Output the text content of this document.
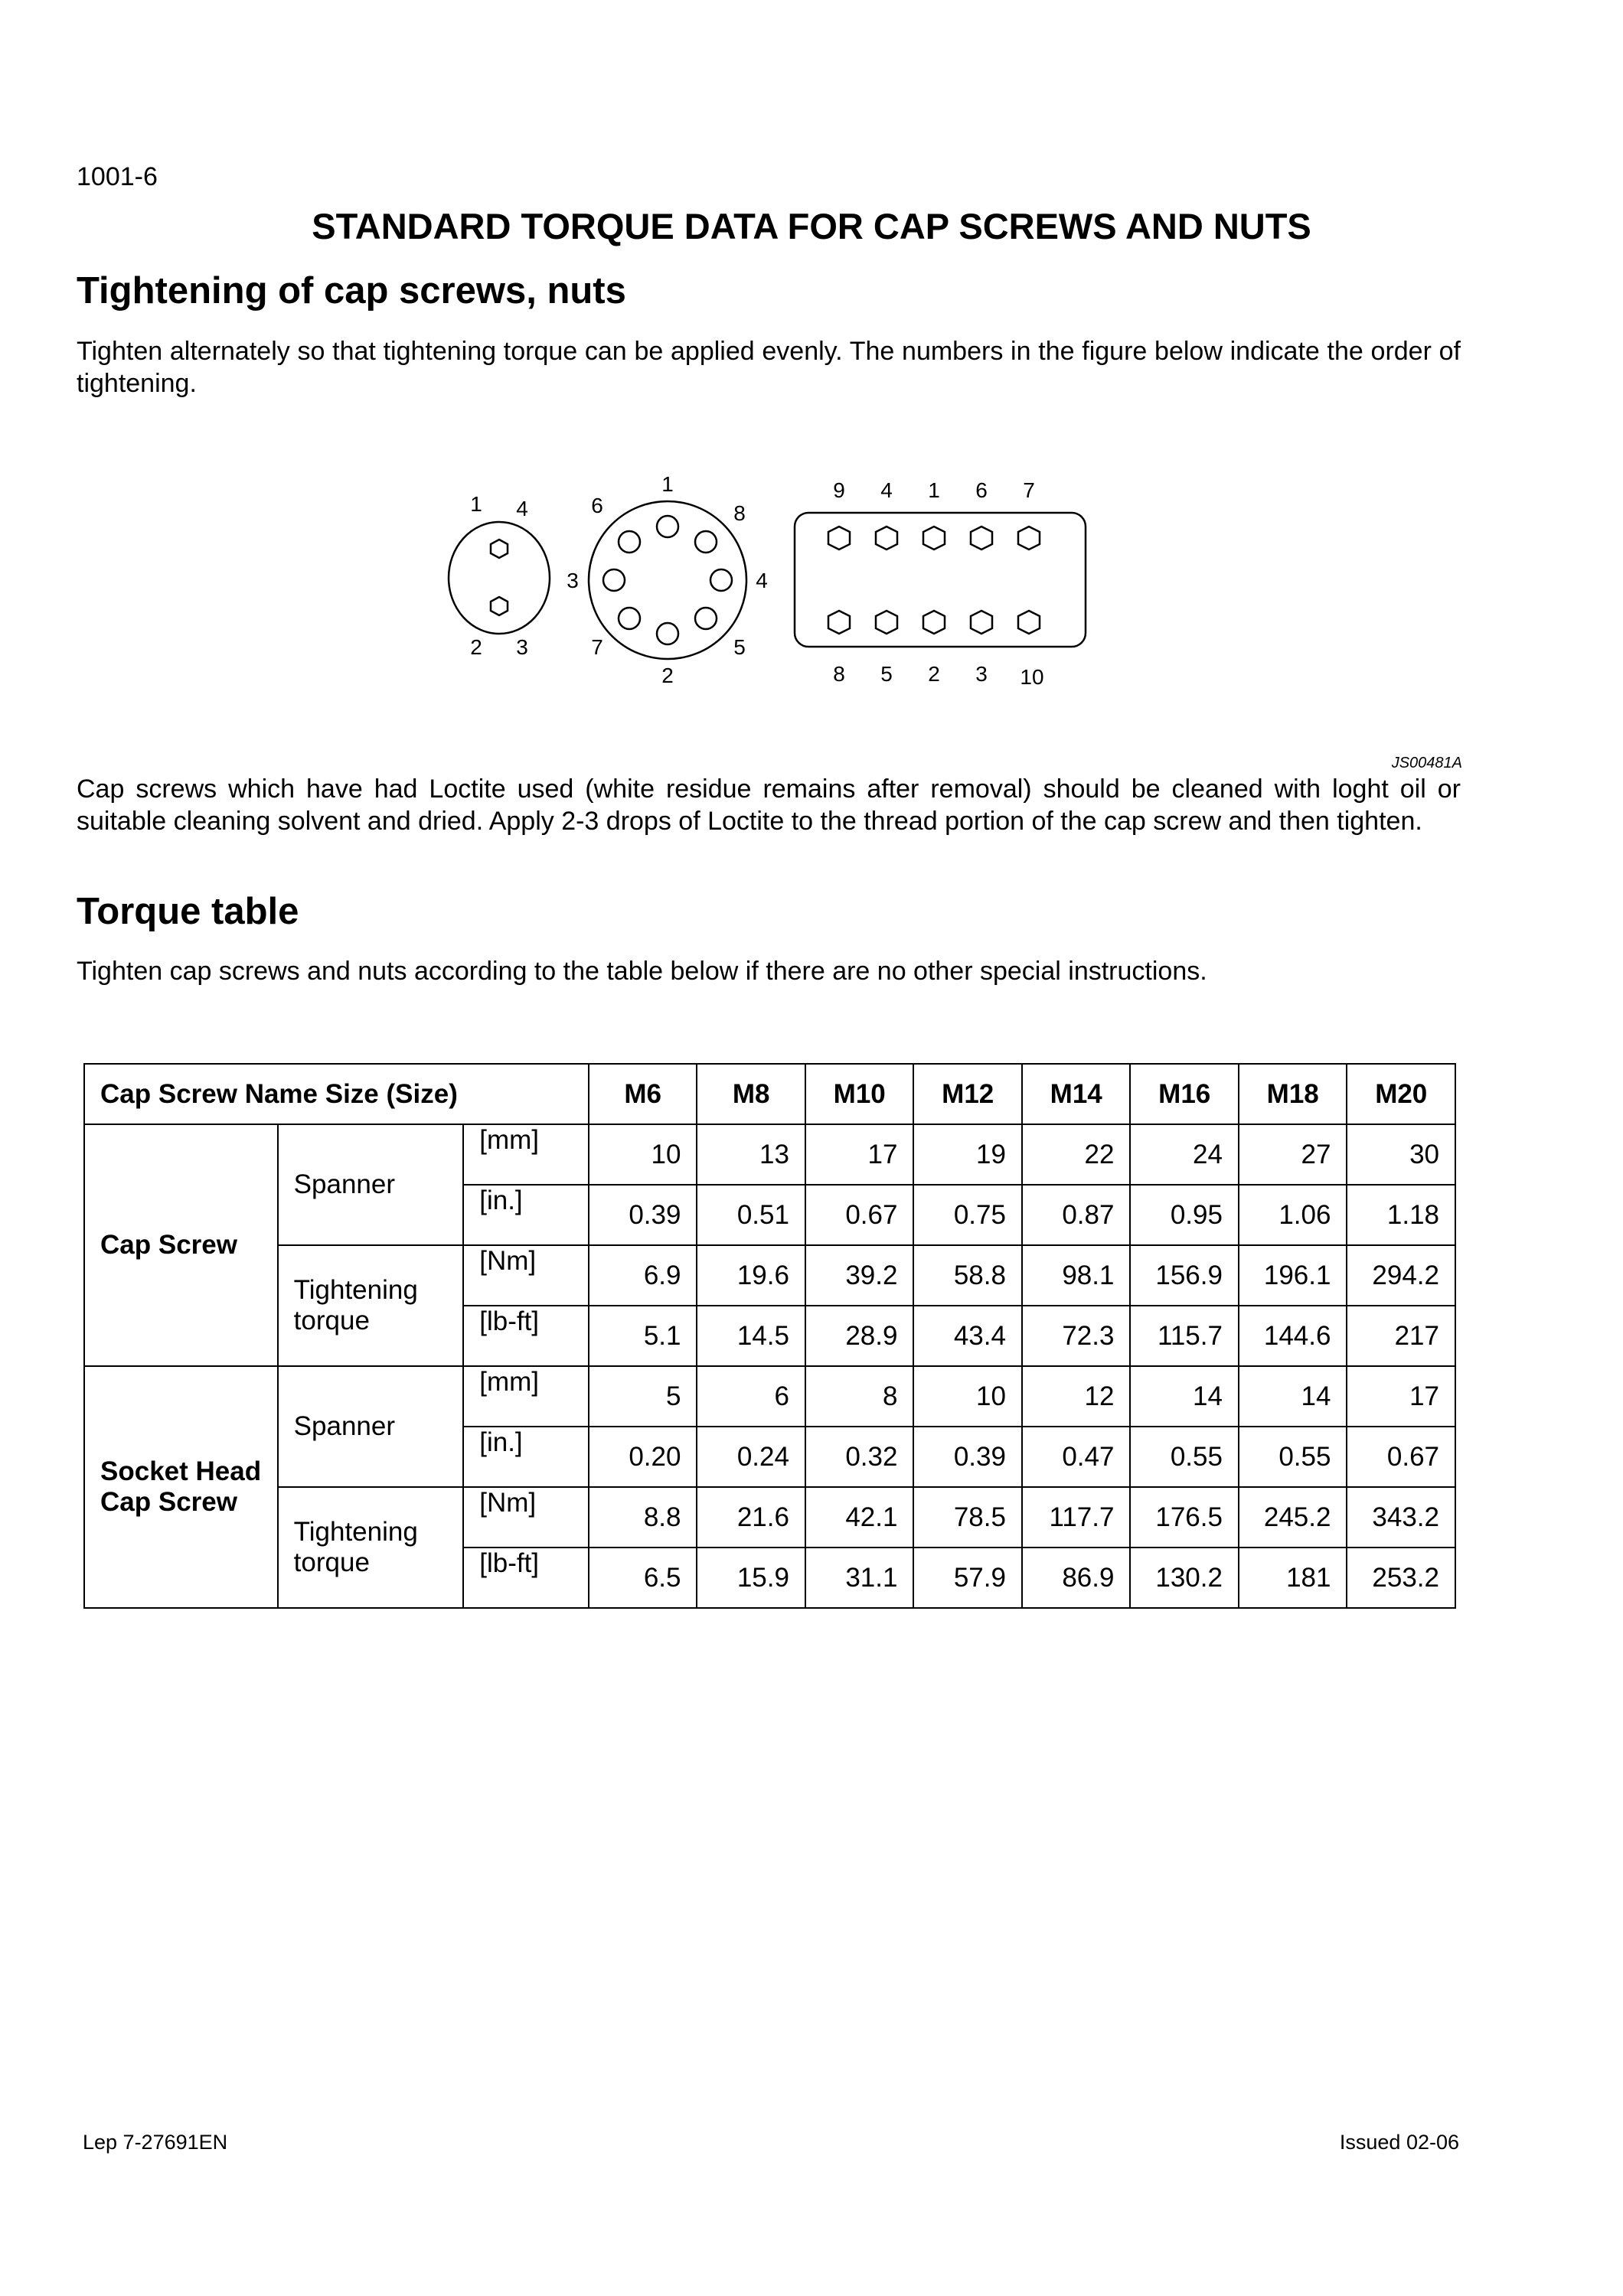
1001-6
STANDARD TORQUE DATA FOR CAP SCREWS AND NUTS
Tightening of cap screws, nuts
Tighten alternately so that tightening torque can be applied evenly. The numbers in the figure below indicate the order of tightening.
1 4
2 3
1
8
4
5
2
7
3
6
9 4 1 6 7
8 5 2 3 10
JS00481A
Cap screws which have had Loctite used (white residue remains after removal) should be cleaned with loght oil or suitable cleaning solvent and dried. Apply 2-3 drops of Loctite to the thread portion of the cap screw and then tighten.
Torque table
Tighten cap screws and nuts according to the table below if there are no other special instructions.
Cap Screw Name Size (Size)			M6	M8	M10	M12	M14	M16	M18	M20
Cap Screw	Spanner	[mm]	10	13	17	19	22	24	27	30
		[in.]	0.39	0.51	0.67	0.75	0.87	0.95	1.06	1.18
	Tightening torque	[Nm]	6.9	19.6	39.2	58.8	98.1	156.9	196.1	294.2
		[lb-ft]	5.1	14.5	28.9	43.4	72.3	115.7	144.6	217
Socket Head Cap Screw	Spanner	[mm]	5	6	8	10	12	14	14	17
		[in.]	0.20	0.24	0.32	0.39	0.47	0.55	0.55	0.67
	Tightening torque	[Nm]	8.8	21.6	42.1	78.5	117.7	176.5	245.2	343.2
		[lb-ft]	6.5	15.9	31.1	57.9	86.9	130.2	181	253.2
Lep 7-27691EN	Issued 02-06
